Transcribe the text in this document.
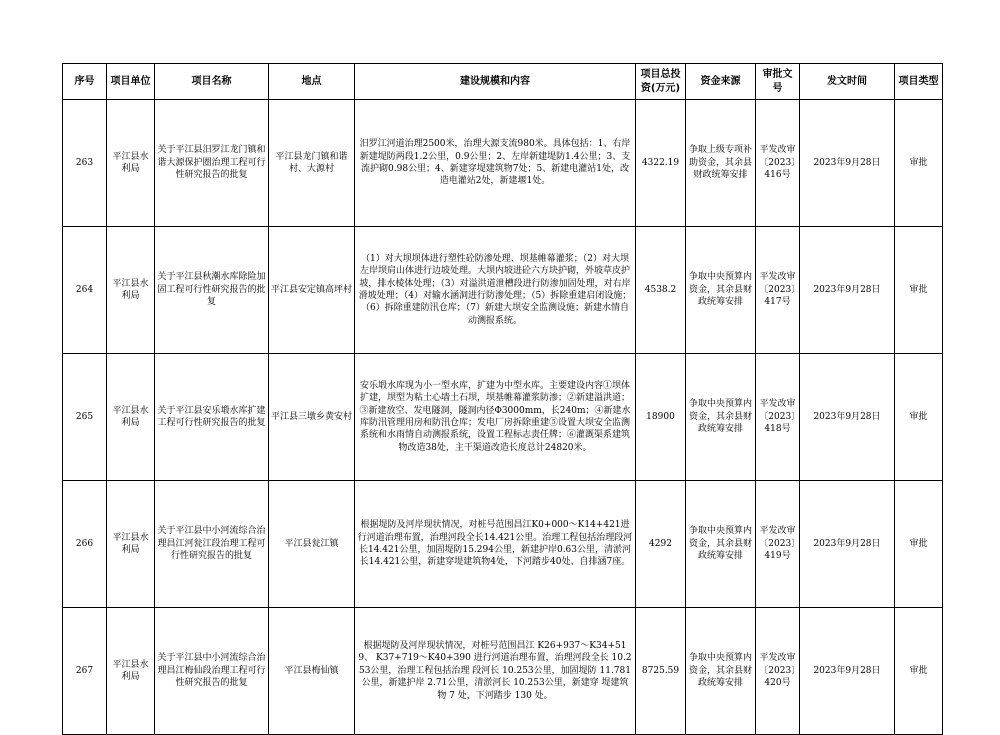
序号	项目单位	项目名称	地点	建设规模和内容	项目总投资(万元)	资金来源	审批文号	发文时间	项目类型
263	平江县水利局	关于平江县汨罗江龙门镇和谐大源保护圈治理工程可行性研究报告的批复	平江县龙门镇和谐村、大源村	汨罗江河道治理2500米，治理大源支流980米。具体包括：1、右岸新建堤防两段1.2公里，0.9公里；2、左岸新建堤防1.4公里；3、支流护砌0.98公里；4、新建穿堤建筑物7处；5、新建电灌站1处，改造电灌站2处，新建堰1处。	4322.19	争取上级专项补助资金，其余县财政统筹安排	平发改审〔2023〕416号	2023年9月28日	审批
264	平江县水利局	关于平江县秋潮水库除险加固工程可行性研究报告的批复	平江县安定镇高坪村	（1）对大坝坝体进行塑性砼防渗处理、坝基帷幕灌浆；（2）对大坝左岸坝肩山体进行边坡处理。大坝内坡进砼六方块护砌，外坡草皮护坡，排水棱体处理；（3）对溢洪道泄槽段进行防渗加固处理，对右岸滑坡处理；（4）对输水涵洞进行防渗处理；（5）拆除重建启闭设施；（6）拆除重建防汛仓库；（7）新建大坝安全监测设施；新建水情自动测报系统。	4538.2	争取中央预算内资金，其余县财政统筹安排	平发改审〔2023〕417号	2023年9月28日	审批
265	平江县水利局	关于平江县安乐塅水库扩建工程可行性研究报告的批复	平江县三墩乡黄安村	安乐塅水库现为小一型水库，扩建为中型水库。主要建设内容①坝体扩建，坝型为粘土心墙土石坝，坝基帷幕灌浆防渗；②新建溢洪道；③新建放空、发电隧洞，隧洞内径Φ3000mm，长240m；④新建水库防汛管理用房和防汛仓库；发电厂房拆除重建⑤设置大坝安全监测系统和水雨情自动测报系统，设置工程标志责任牌；⑥灌溉渠系建筑物改造38处，主干渠道改造长度总计24820米。	18900	争取中央预算内资金，其余县财政统筹安排	平发改审〔2023〕418号	2023年9月28日	审批
266	平江县水利局	关于平江县中小河流综合治理昌江河瓮江段治理工程可行性研究报告的批复	平江县瓮江镇	根据堤防及河岸现状情况，对桩号范围昌江K0+000～K14+421进行河道治理布置，治理河段全长14.421公里。治理工程包括治理段河长14.421公里，加固堤防15.294公里，新建护岸0.63公里，清淤河长14.421公里，新建穿堤建筑物4处，下河踏步40处、自排涵7座。	4292	争取中央预算内资金，其余县财政统筹安排	平发改审〔2023〕419号	2023年9月28日	审批
267	平江县水利局	关于平江县中小河流综合治理昌江梅仙段治理工程可行性研究报告的批复	平江县梅仙镇	根据堤防及河岸现状情况，对桩号范围昌江 K26+937～K34+519、 K37+719～K40+390 进行河道治理布置，治理河段全长 10.253公里，治理工程包括治理 段河长 10.253公里，加固堤防 11.781公里，新建护岸 2.71公里，清淤河长 10.253公里，新建穿 堤建筑物 7 处，下河踏步 130 处。	8725.59	争取中央预算内资金，其余县财政统筹安排	平发改审〔2023〕420号	2023年9月28日	审批
